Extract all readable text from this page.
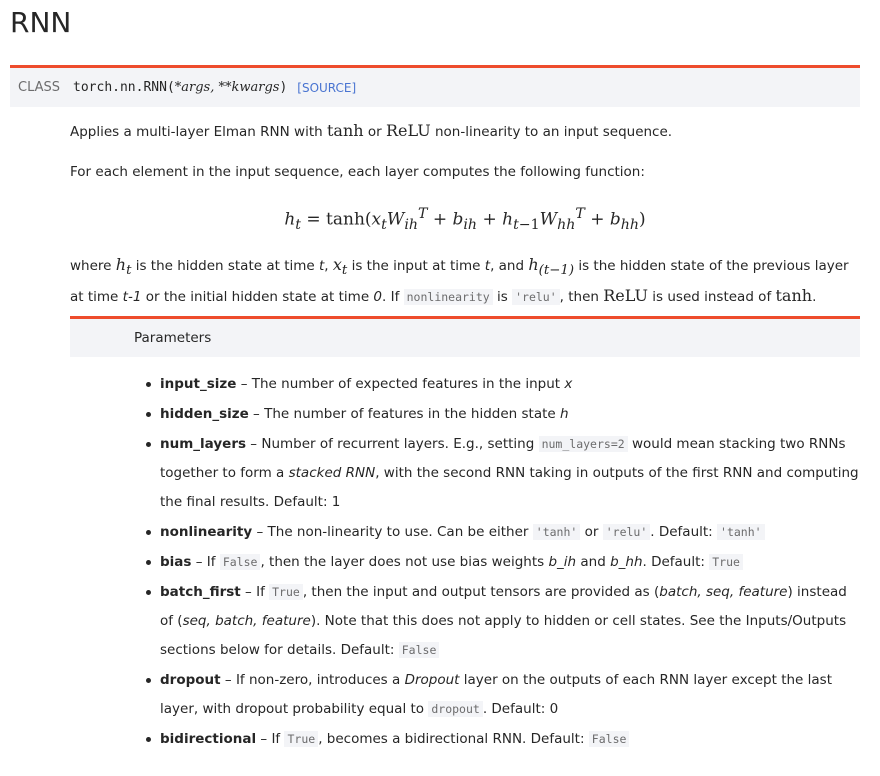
RNN
CLASS torch.nn.RNN ( *args, **kwargs ) [SOURCE]

Applies a multi-layer Elman RNN with tanh or ReLU non-linearity to an input sequence.

For each element in the input sequence, each layer computes the following function:

$h_t = \tanh(x_tW_{ih}^T + b_{ih} + h_{t-1}W_{hh}^T + b_{hh})$

where $h_t$ is the hidden state at time t, $x_t$ is the input at time t, and $h_{(t-1)}$ is the hidden state of the previous layer at time t-1 or the initial hidden state at time 0. If nonlinearity is 'relu' , then ReLU is used instead of tanh.

Parameters
input_size – The number of expected features in the input x
hidden_size – The number of features in the hidden state h
num_layers – Number of recurrent layers. E.g., setting num_layers=2 would mean stacking two RNNs together to form a stacked RNN, with the second RNN taking in outputs of the first RNN and computing the final results. Default: 1
nonlinearity – The non-linearity to use. Can be either 'tanh' or 'relu' . Default: 'tanh'
bias – If False , then the layer does not use bias weights b_ih and b_hh. Default: True
batch_first – If True , then the input and output tensors are provided as (batch, seq, feature) instead of (seq, batch, feature). Note that this does not apply to hidden or cell states. See the Inputs/Outputs sections below for details. Default: False
dropout – If non-zero, introduces a Dropout layer on the outputs of each RNN layer except the last layer, with dropout probability equal to dropout . Default: 0
bidirectional – If True , becomes a bidirectional RNN. Default: False
